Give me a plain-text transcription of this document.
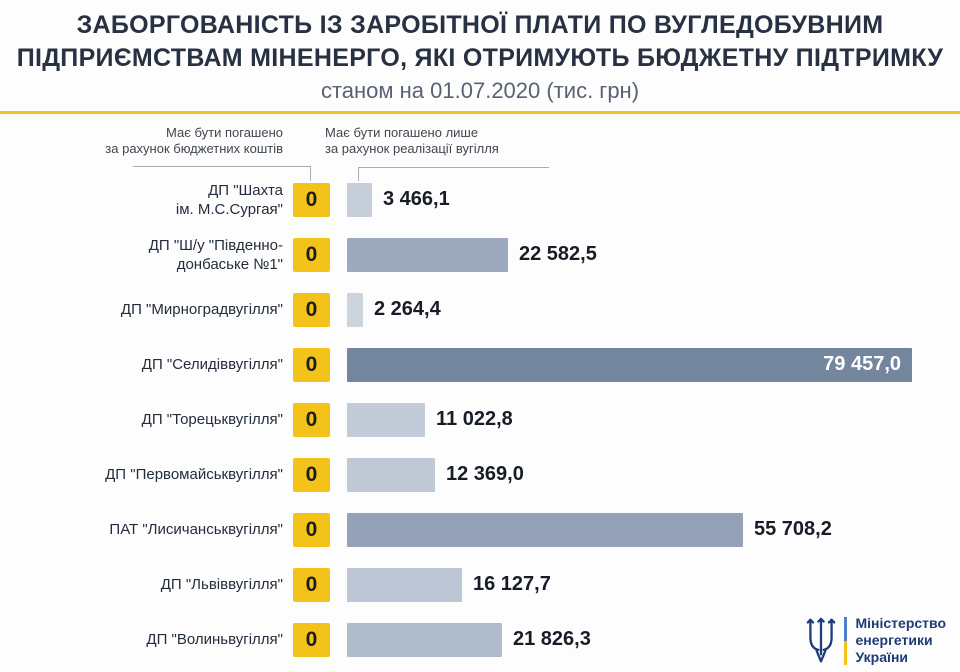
ЗАБОРГОВАНІСТЬ ІЗ ЗАРОБІТНОЇ ПЛАТИ ПО ВУГЛЕДОБУВНИМ
ПІДПРИЄМСТВАМ МІНЕНЕРГО, ЯКІ ОТРИМУЮТЬ БЮДЖЕТНУ ПІДТРИМКУ
станом на 01.07.2020 (тис. грн)
Має бути погашено
за рахунок бюджетних коштів
Має бути погашено лише
за рахунок реалізації вугілля
ДП "Шахта
ім. М.С.Сургая"	0	3 466,1
ДП "Ш/у "Південно-
донбаське №1"	0	22 582,5
ДП "Мирноградвугілля"	0	2 264,4
ДП "Селидіввугілля"	0	79 457,0
ДП "Торецьквугілля"	0	11 022,8
ДП "Первомайськвугілля"	0	12 369,0
ПАТ "Лисичанськвугілля"	0	55 708,2
ДП "Львіввугілля"	0	16 127,7
ДП "Волиньвугілля"	0	21 826,3
Міністерство
енергетики
України
